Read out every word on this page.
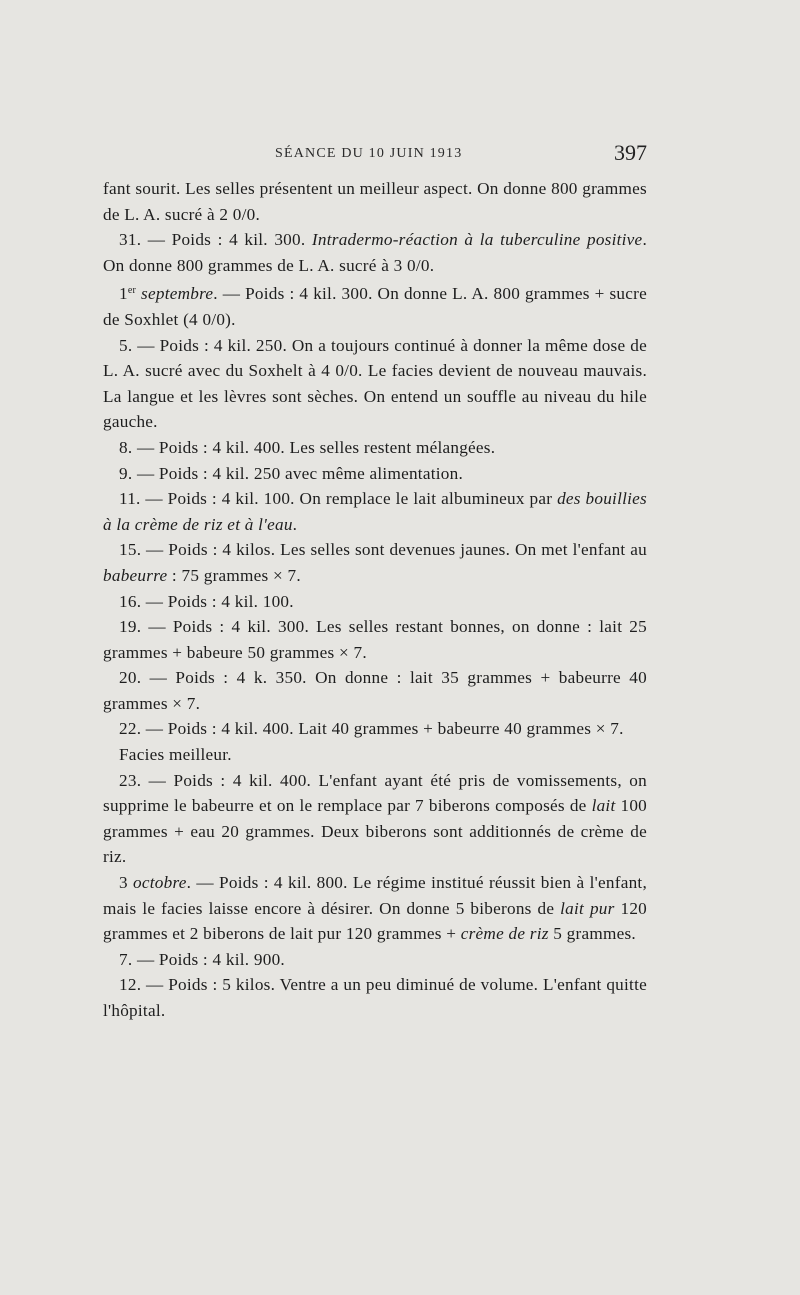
SÉANCE DU 10 JUIN 1913	397

fant sourit. Les selles présentent un meilleur aspect. On donne 800 grammes de L. A. sucré à 2 0/0.

31. — Poids : 4 kil. 300. Intradermo-réaction à la tuberculine positive. On donne 800 grammes de L. A. sucré à 3 0/0.

1er septembre. — Poids : 4 kil. 300. On donne L. A. 800 grammes + sucre de Soxhlet (4 0/0).

5. — Poids : 4 kil. 250. On a toujours continué à donner la même dose de L. A. sucré avec du Soxhelt à 4 0/0. Le facies devient de nouveau mauvais. La langue et les lèvres sont sèches. On entend un souffle au niveau du hile gauche.

8. — Poids : 4 kil. 400. Les selles restent mélangées.

9. — Poids : 4 kil. 250 avec même alimentation.

11. — Poids : 4 kil. 100. On remplace le lait albumineux par des bouillies à la crème de riz et à l'eau.

15. — Poids : 4 kilos. Les selles sont devenues jaunes. On met l'enfant au babeurre : 75 grammes × 7.

16. — Poids : 4 kil. 100.

19. — Poids : 4 kil. 300. Les selles restant bonnes, on donne : lait 25 grammes + babeure 50 grammes × 7.

20. — Poids : 4 k. 350. On donne : lait 35 grammes + babeurre 40 grammes × 7.

22. — Poids : 4 kil. 400. Lait 40 grammes + babeurre 40 grammes × 7.

Facies meilleur.

23. — Poids : 4 kil. 400. L'enfant ayant été pris de vomissements, on supprime le babeurre et on le remplace par 7 biberons composés de lait 100 grammes + eau 20 grammes. Deux biberons sont additionnés de crème de riz.

3 octobre. — Poids : 4 kil. 800. Le régime institué réussit bien à l'enfant, mais le facies laisse encore à désirer. On donne 5 biberons de lait pur 120 grammes et 2 biberons de lait pur 120 grammes + crème de riz 5 grammes.

7. — Poids : 4 kil. 900.

12. — Poids : 5 kilos. Ventre a un peu diminué de volume. L'enfant quitte l'hôpital.
